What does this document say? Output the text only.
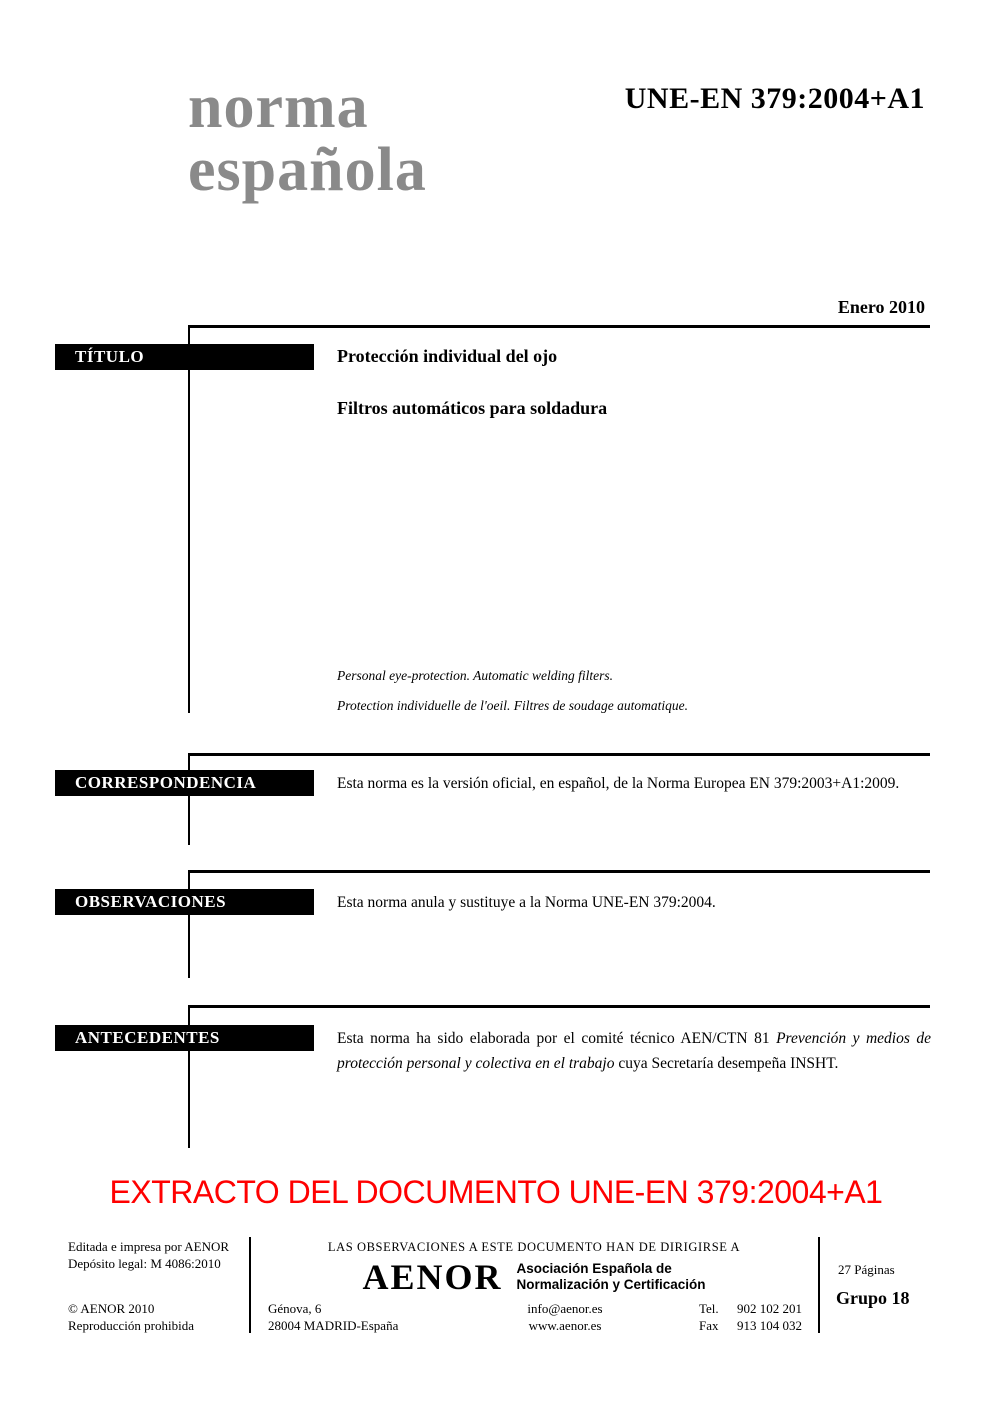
norma
española
UNE-EN 379:2004+A1
Enero 2010
TÍTULO	Protección individual del ojo
Filtros automáticos para soldadura
Personal eye-protection. Automatic welding filters.
Protection individuelle de l'oeil. Filtres de soudage automatique.
CORRESPONDENCIA	Esta norma es la versión oficial, en español, de la Norma Europea EN 379:2003+A1:2009.
OBSERVACIONES	Esta norma anula y sustituye a la Norma UNE-EN 379:2004.
ANTECEDENTES	Esta norma ha sido elaborada por el comité técnico AEN/CTN 81 Prevención y medios de protección personal y colectiva en el trabajo cuya Secretaría desempeña INSHT.
EXTRACTO DEL DOCUMENTO UNE-EN 379:2004+A1
Editada e impresa por AENOR
Depósito legal: M 4086:2010
© AENOR 2010
Reproducción prohibida
LAS OBSERVACIONES A ESTE DOCUMENTO HAN DE DIRIGIRSE A
AENOR Asociación Española de
Normalización y Certificación
Génova, 6
28004 MADRID-España
info@aenor.es
www.aenor.es
Tel.	902 102 201
Fax	913 104 032
27 Páginas
Grupo 18
